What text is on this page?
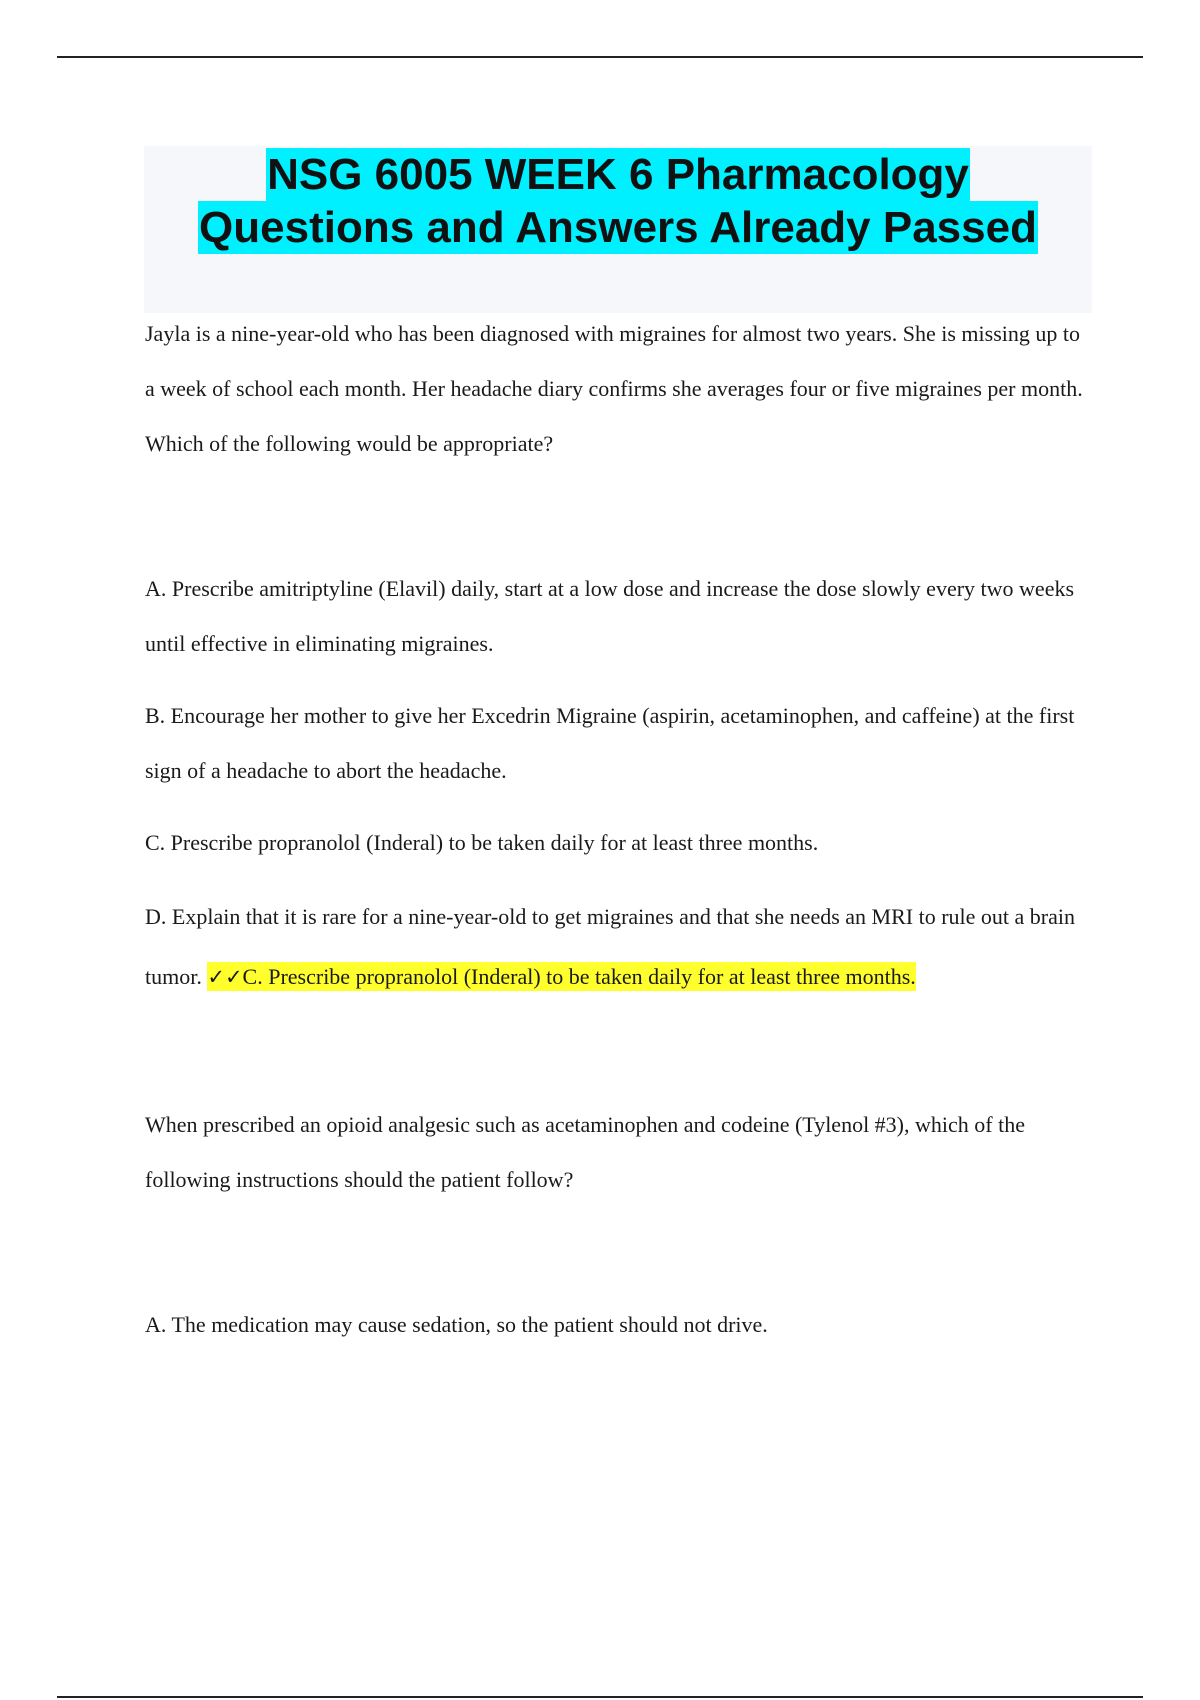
NSG 6005 WEEK 6 Pharmacology
Questions and Answers Already Passed

Jayla is a nine-year-old who has been diagnosed with migraines for almost two years. She is missing up to a week of school each month. Her headache diary confirms she averages four or five migraines per month. Which of the following would be appropriate?

A. Prescribe amitriptyline (Elavil) daily, start at a low dose and increase the dose slowly every two weeks until effective in eliminating migraines.

B. Encourage her mother to give her Excedrin Migraine (aspirin, acetaminophen, and caffeine) at the first sign of a headache to abort the headache.

C. Prescribe propranolol (Inderal) to be taken daily for at least three months.

D. Explain that it is rare for a nine-year-old to get migraines and that she needs an MRI to rule out a brain tumor. ✓✓C. Prescribe propranolol (Inderal) to be taken daily for at least three months.

When prescribed an opioid analgesic such as acetaminophen and codeine (Tylenol #3), which of the following instructions should the patient follow?

A. The medication may cause sedation, so the patient should not drive.
